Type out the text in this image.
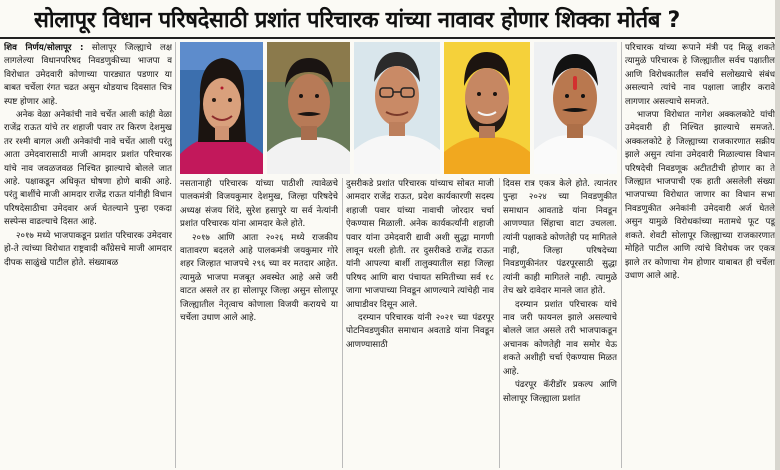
सोलापूर विधान परिषदेसाठी प्रशांत परिचारक यांच्या नावावर होणार शिक्का मोर्तब ?

शिव निर्णय/सोलापूर : सोलापूर जिल्ह्याचे लक्ष लागलेल्या विधानपरिषद निवडणुकीच्या भाजपा व विरोधात उमेदवारी कोणाच्या पारड्यात पडणार या बाबत चर्चेला रंगत चढत असुन थोडयाच दिवसात चित्र स्पष्ट होणार आहे.

अनेक वेळा अनेकांची नावे चर्चेत आली कांही वेळा राजेंद्र राऊत यांचे तर शहाजी पवार तर किरण देशमुख तर रश्मी बागल अशी अनेकांची नावे चर्चेत आली परंतु आता उमेदवारासाठी माजी आमदार प्रशांत परिचारक यांचे नाव जवळजवळ निश्चित झाल्याचे बोलले जात आहे. पक्षाकडून अधिकृत घोषणा होणे बाकी आहे. परंतु बाशींचे माजी आमदार राजेंद्र राऊत यांनीही विधान परिषदेसाठीचा उमेदवार अर्ज घेतल्याने पुन्हा एकदा सस्पेन्स वाढल्याचे दिसत आहे.

२०१७ मध्ये भाजपाकडून प्रशांत परिचारक उमेदवार हो-ते त्यांच्या विरोधात राष्ट्रवादी काँग्रेसचे माजी आमदार दीपक साळुंखे पाटील होते. संख्याबळ

नसतानाही परिचारक यांच्या पाठीशी त्यावेळचे पालकमंत्री विजयकुमार देशमुख, जिल्हा परिषदेचे अध्यक्ष संजय शिंदे, सुरेश हसापुरे या सर्व नेत्यांनी प्रशांत परिचारक यांना आमदार केले होते.

२०१७ आणि आता २०२६ मध्ये राजकीय वातावरण बदलले आहे पालकमंत्री जयकुमार गोरे शहर जिल्हात भाजपचे २९६ च्या वर मतदार आहेत. त्यामुळे भाजपा मजबूत अवस्थेत आहे असे जरी वाटत असले तर हा सोलापूर जिल्हा असुन सोलापूर जिल्ह्यातील नेतृत्वाच कोणाला विजयी करायचे या चर्चेला उधाण आले आहे.

दुसरीकडे प्रशांत परिचारक यांच्याच सोबत माजी आमदार राजेंद्र राऊत, प्रदेश कार्यकारणी सदस्य शहाजी पवार यांच्या नावाची जोरदार चर्चा ऐकण्यास मिळाली. अनेक कार्यकर्त्यांनी शहाजी पवार यांना उमेदवारी द्यावी अशी सुद्धा मागणी लावून धरली होती. तर दुसरीकडे राजेंद्र राऊत यांनी आपल्या बार्शी तालुक्यातील सहा जिल्हा परिषद आणि बारा पंचायत समितीच्या सर्व १८ जागा भाजपाच्या निवडून आणल्याने त्यांचेही नाव आघाडीवर दिसून आले.

दरम्यान परिचारक यांनी २०२१ च्या पंढरपूर पोटनिवडणुकीत समाधान अवताडे यांना निवडून आणण्यासाठी

दिवस रात्र एकत्र केले होते. त्यानंतर पुन्हा २०२४ च्या निवडणुकीत समाधान आवताडे यांना निवडून आणण्यात सिंहाचा वाटा उचलला. त्यांनी पक्षाकडे कोणतेही पद मागितले नाही, जिल्हा परिषदेच्या निवडणुकीनंतर पंढरपूरसाठी सुद्धा त्यांनी काही मागितले नाही. त्यामुळे तेच खरे दावेदार मानले जात होते.

दरम्यान प्रशांत परिचारक यांचे नाव जरी फायनल झाले असल्याचे बोलले जात असले तरी भाजपाकडून अचानक कोणतेही नाव समोर येऊ शकते अशीही चर्चा ऐकण्यास मिळत आहे.

पंढरपूर कॅरीडॉर प्रकल्प आणि सोलापूर जिल्ह्याला प्रशांत

परिचारक यांच्या रूपाने मंत्री पद मिळू शकते त्यामुळे परिचारक हे जिल्ह्यातील सर्वच पक्षातील आणि विरोधकातील सर्वांचे सलोख्याचे संबंध असल्याने त्यांचे नाव पक्षाला जाहीर करावे लागणार असल्याचे समजते.

भाजपा विरोधात नागेश अक्कलकोटे यांची उमेदवारी ही निश्चित झाल्याचे समजते. अक्कलकोटे हे जिल्ह्याच्या राजकारणात सक्रीय झाले असुन त्यांना उमेदवारी मिळाल्यास विधान परिषदेची निवडणूक अटीतटीची होणार का ते जिल्ह्यात भाजपाची एक हाती असलेली संख्या भाजपाच्या विरोधात जाणार का विधान सभा निवडणुकीत अनेकांनी उमेदवारी अर्ज घेतले असुन यामुळे विरोधकांच्या मतामधे फूट पडू शकते. शेवटी सोलापूर जिल्ह्याच्या राजकारणात मोहिते पाटील आणि त्यांचे विरोधक जर एकत्र झाले तर कोणाचा गेम होणार याबाबत ही चर्चेला उधाण आले आहे.
